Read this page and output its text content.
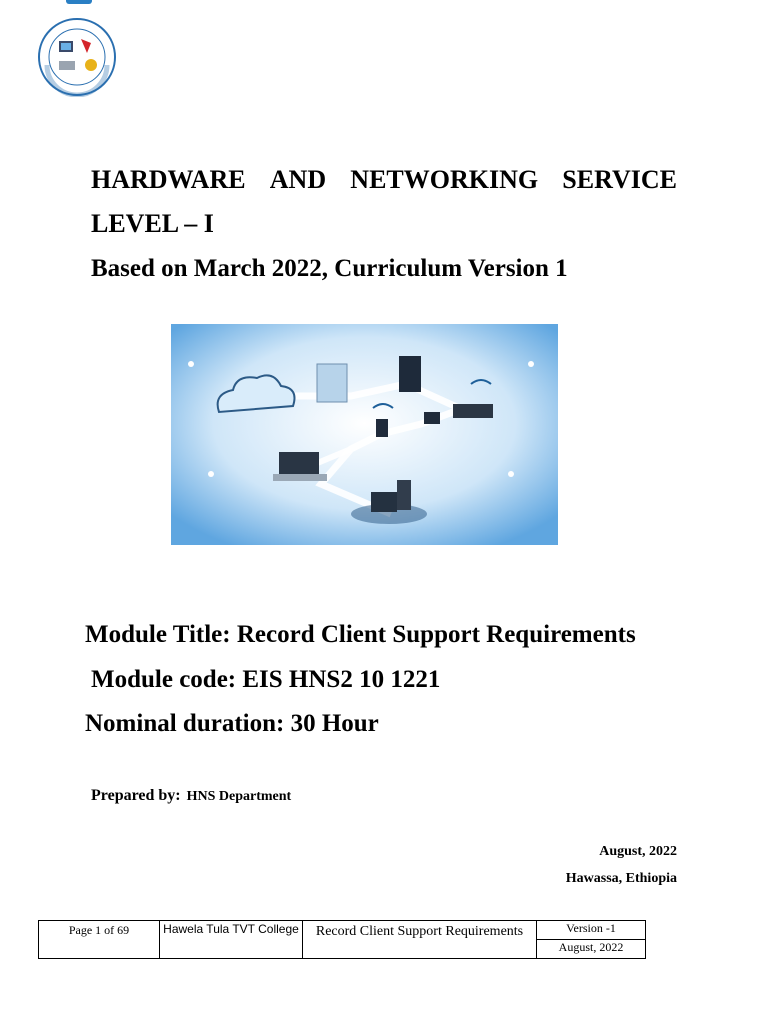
HARDWARE AND NETWORKING SERVICE
LEVEL – I
Based on March 2022, Curriculum Version 1
Module Title: Record Client Support Requirements
Module code: EIS HNS2 10 1221
Nominal duration: 30 Hour
Prepared by: HNS Department
August, 2022
Hawassa, Ethiopia
Page 1 of 69	Hawela Tula TVT College	Record Client Support Requirements	Version -1
August, 2022
